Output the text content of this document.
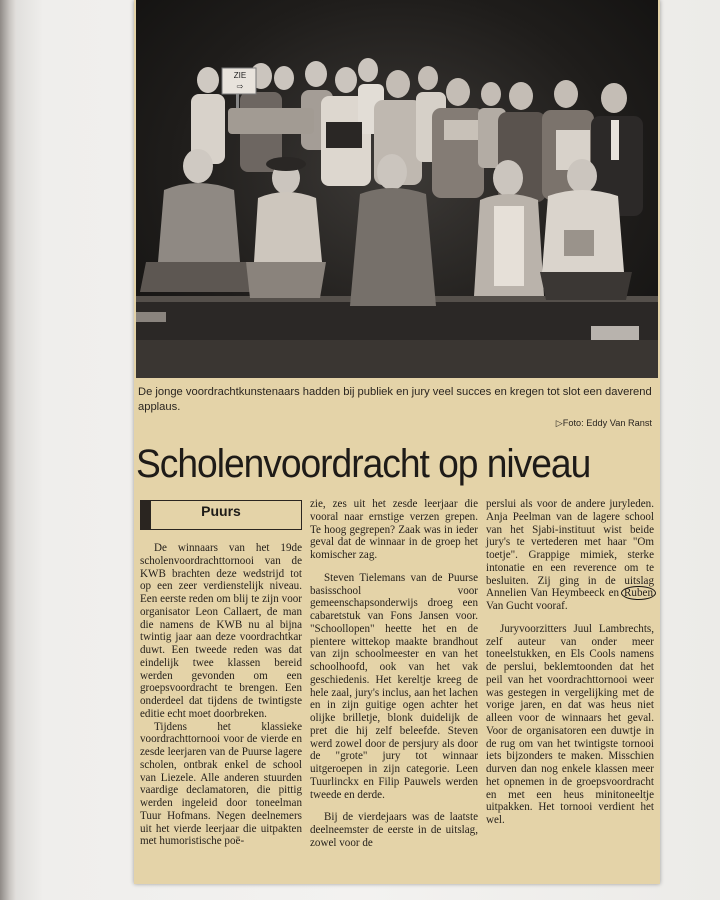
ZIE
⇨
De jonge voordrachtkunstenaars hadden bij publiek en jury veel succes en kregen tot slot een daverend applaus.
▷Foto: Eddy Van Ranst
Scholenvoordracht op niveau
Puurs

De winnaars van het 19de scholenvoordrachttornooi van de KWB brachten deze wedstrijd tot op een zeer verdienstelijk niveau. Een eerste reden om blij te zijn voor organisator Leon Callaert, de man die namens de KWB nu al bijna twintig jaar aan deze voordrachtkar duwt. Een tweede reden was dat eindelijk twee klassen bereid werden gevonden om een groepsvoordracht te brengen. Een onderdeel dat tijdens de twintigste editie echt moet doorbreken.

Tijdens het klassieke voordrachttornooi voor de vierde en zesde leerjaren van de Puurse lagere scholen, ontbrak enkel de school van Liezele. Alle anderen stuurden vaardige declamatoren, die pittig werden ingeleid door toneelman Tuur Hofmans. Negen deelnemers uit het vierde leerjaar die uitpakten met humoristische poë-

zie, zes uit het zesde leerjaar die vooral naar ernstige verzen grepen. Te hoog gegrepen? Zaak was in ieder geval dat de winnaar in de groep het komischer zag.

Steven Tielemans van de Puurse basisschool voor gemeenschapsonderwijs droeg een cabaretstuk van Fons Jansen voor. "Schoollopen" heette het en de pientere wittekop maakte brandhout van zijn schoolmeester en van het schoolhoofd, ook van het vak geschiedenis. Het kereltje kreeg de hele zaal, jury's inclus, aan het lachen en in zijn guitige ogen achter het olijke brilletje, blonk duidelijk de pret die hij zelf beleefde. Steven werd zowel door de persjury als door de "grote" jury tot winnaar uitgeroepen in zijn categorie. Leen Tuurlinckx en Filip Pauwels werden tweede en derde.

Bij de vierdejaars was de laatste deelneemster de eerste in de uitslag, zowel voor de

perslui als voor de andere juryleden. Anja Peelman van de lagere school van het Sjabi-instituut wist beide jury's te vertederen met haar "Om toetje". Grappige mimiek, sterke intonatie en een reverence om te besluiten. Zij ging in de uitslag Annelien Van Heymbeeck en Ruben Van Gucht vooraf.

Juryvoorzitters Juul Lambrechts, zelf auteur van onder meer toneelstukken, en Els Cools namens de perslui, beklemtoonden dat het peil van het voordrachttornooi weer was gestegen in vergelijking met de vorige jaren, en dat was heus niet alleen voor de winnaars het geval. Voor de organisatoren een duwtje in de rug om van het twintigste tornooi iets bijzonders te maken. Misschien durven dan nog enkele klassen meer het opnemen in de groepsvoordracht en met een heus minitoneeltje uitpakken. Het tornooi verdient het wel.
